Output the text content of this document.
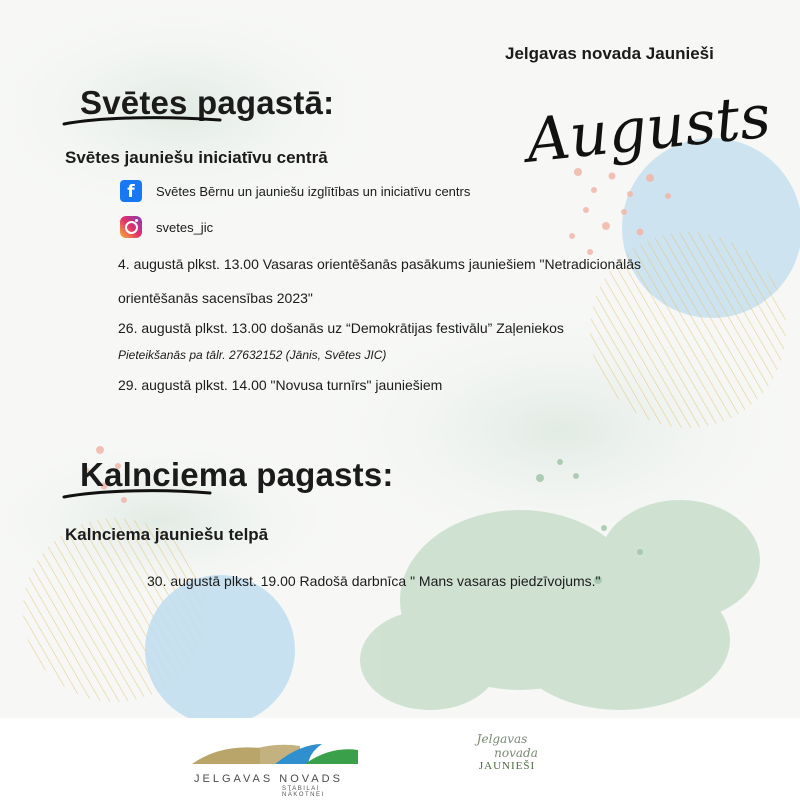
Jelgavas novada Jaunieši
Augusts
Svētes pagastā:
Svētes jauniešu iniciatīvu centrā
f	Svētes Bērnu un jauniešu izglītības un iniciatīvu centrs
svetes_jic
4. augustā plkst. 13.00 Vasaras orientēšanās pasākums jauniešiem "Netradicionālās
orientēšanās sacensības 2023"
26. augustā plkst. 13.00 došanās uz “Demokrātijas festivālu” Zaļeniekos
Pieteikšanās pa tālr. 27632152 (Jānis, Svētes JIC)
29. augustā plkst. 14.00 "Novusa turnīrs" jauniešiem
Kalnciema pagasts:
Kalnciema jauniešu telpā
30. augustā plkst. 19.00 Radošā darbnīca " Mans vasaras piedzīvojums."
JELGAVAS NOVADS
STABILAI NĀKOTNEI
Jelgavas
novada
JAUNIEŠI
